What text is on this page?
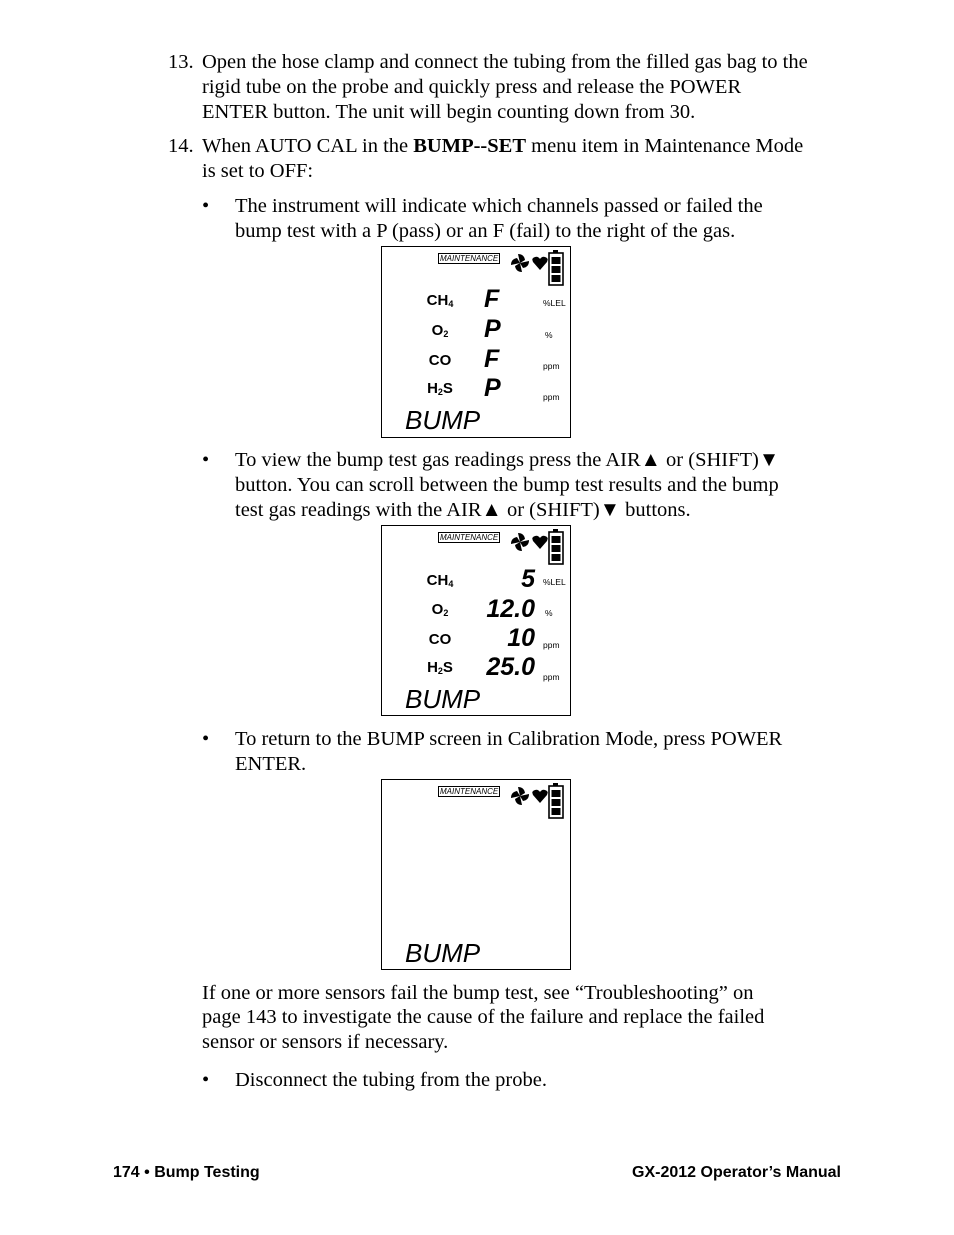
13. Open the hose clamp and connect the tubing from the filled gas bag to the
rigid tube on the probe and quickly press and release the POWER
ENTER button. The unit will begin counting down from 30.
14. When AUTO CAL in the BUMP--SET menu item in Maintenance Mode
is set to OFF:
• The instrument will indicate which channels passed or failed the
bump test with a P (pass) or an F (fail) to the right of the gas.
MAINTENANCE
$CH_4$
$O_2$
CO
$H_2S$
F
P
F
P
%LEL
%
ppm
ppm
BUMP
• To view the bump test gas readings press the AIR▲ or (SHIFT)▼
button. You can scroll between the bump test results and the bump
test gas readings with the AIR▲ or (SHIFT)▼ buttons.
MAINTENANCE
$CH_4$
$O_2$
CO
$H_2S$
5
12.0
10
25.0
%LEL
%
ppm
ppm
BUMP
• To return to the BUMP screen in Calibration Mode, press POWER
ENTER.
MAINTENANCE
BUMP
If one or more sensors fail the bump test, see “Troubleshooting” on
page 143 to investigate the cause of the failure and replace the failed
sensor or sensors if necessary.
• Disconnect the tubing from the probe.
174 • Bump Testing	GX-2012 Operator’s Manual
